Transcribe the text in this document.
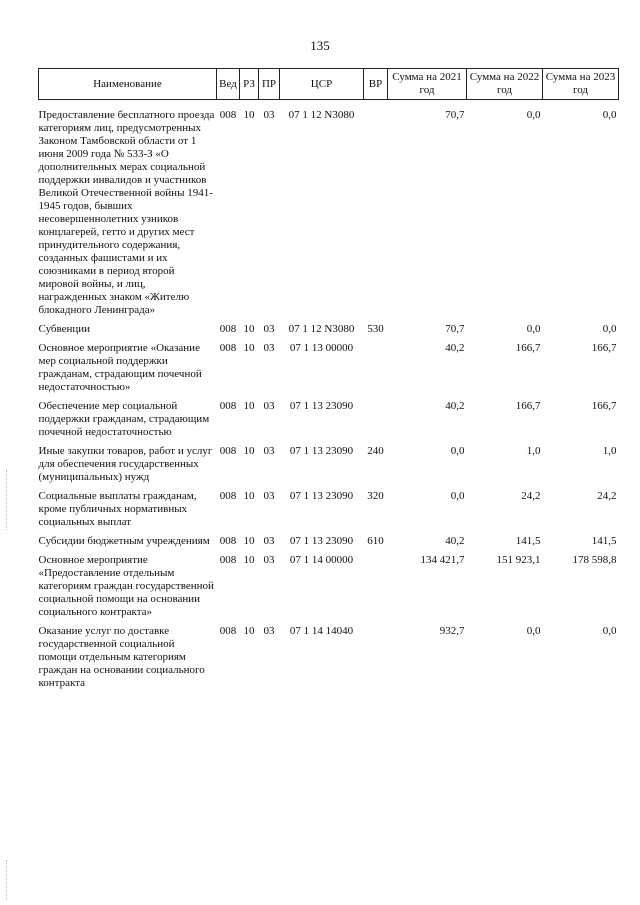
135
Наименование	Вед	РЗ	ПР	ЦСР	ВР	Сумма на 2021 год	Сумма на 2022 год	Сумма на 2023 год
Предоставление бесплатного проезда категориям лиц, предусмотренных Законом Тамбовской области от 1 июня 2009 года № 533-З «О дополнительных мерах социальной поддержки инвалидов и участников Великой Отечественной войны 1941-1945 годов, бывших несовершеннолетних узников концлагерей, гетто и других мест принудительного содержания, созданных фашистами и их союзниками в период второй мировой войны, и лиц, награжденных знаком «Жителю блокадного Ленинграда»	008	10	03	07 1 12 N3080		70,7	0,0	0,0
Субвенции	008	10	03	07 1 12 N3080	530	70,7	0,0	0,0
Основное мероприятие «Оказание мер социальной поддержки гражданам, страдающим почечной недостаточностью»	008	10	03	07 1 13 00000		40,2	166,7	166,7
Обеспечение мер социальной поддержки гражданам, страдающим почечной недостаточностью	008	10	03	07 1 13 23090		40,2	166,7	166,7
Иные закупки товаров, работ и услуг для обеспечения государственных (муниципальных) нужд	008	10	03	07 1 13 23090	240	0,0	1,0	1,0
Социальные выплаты гражданам, кроме публичных нормативных социальных выплат	008	10	03	07 1 13 23090	320	0,0	24,2	24,2
Субсидии бюджетным учреждениям	008	10	03	07 1 13 23090	610	40,2	141,5	141,5
Основное мероприятие «Предоставление отдельным категориям граждан государственной социальной помощи на основании социального контракта»	008	10	03	07 1 14 00000		134 421,7	151 923,1	178 598,8
Оказание услуг по доставке государственной социальной помощи отдельным категориям граждан на основании социального контракта	008	10	03	07 1 14 14040		932,7	0,0	0,0
